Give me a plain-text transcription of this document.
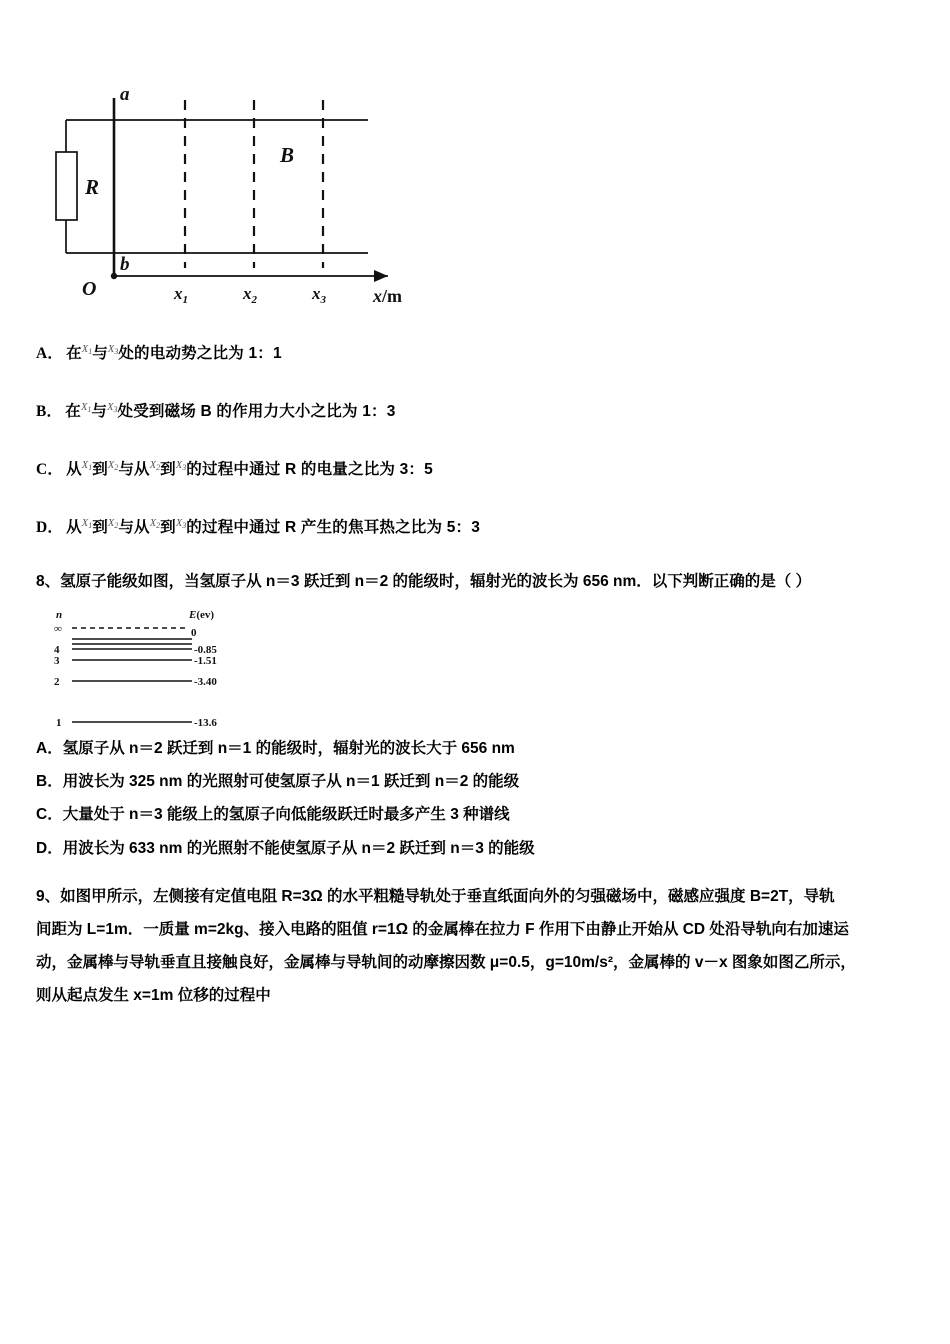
a
b
R
B
O	$x_1$	$x_2$	$x_3$	x/m
A． 在$^{X_1}$与$^{X_3}$处的电动势之比为 1：1
B． 在$^{X_1}$与$^{X_3}$处受到磁场 B 的作用力大小之比为 1：3
C． 从$^{X_1}$到$^{X_2}$与从$^{X_2}$到$^{X_3}$的过程中通过 R 的电量之比为 3：5
D． 从$^{X_1}$到$^{X_2}$与从$^{X_2}$到$^{X_3}$的过程中通过 R 产生的焦耳热之比为 5：3
8、氢原子能级如图，当氢原子从 n＝3 跃迁到 n＝2 的能级时，辐射光的波长为 656 nm．以下判断正确的是（ ）
n	E(ev)
∞	0
4	-0.85
3	-1.51
2	-3.40
1	-13.6
A．氢原子从 n＝2 跃迁到 n＝1 的能级时，辐射光的波长大于 656 nm
B．用波长为 325 nm 的光照射可使氢原子从 n＝1 跃迁到 n＝2 的能级
C．大量处于 n＝3 能级上的氢原子向低能级跃迁时最多产生 3 种谱线
D．用波长为 633 nm 的光照射不能使氢原子从 n＝2 跃迁到 n＝3 的能级
9、如图甲所示，左侧接有定值电阻 R=3Ω 的水平粗糙导轨处于垂直纸面向外的匀强磁场中，磁感应强度 B=2T，导轨
间距为 L=1m．一质量 m=2kg、接入电路的阻值 r=1Ω 的金属棒在拉力 F 作用下由静止开始从 CD 处沿导轨向右加速运
动，金属棒与导轨垂直且接触良好，金属棒与导轨间的动摩擦因数 μ=0.5，g=10m/s²，金属棒的 v－x 图象如图乙所示，
则从起点发生 x=1m 位移的过程中
